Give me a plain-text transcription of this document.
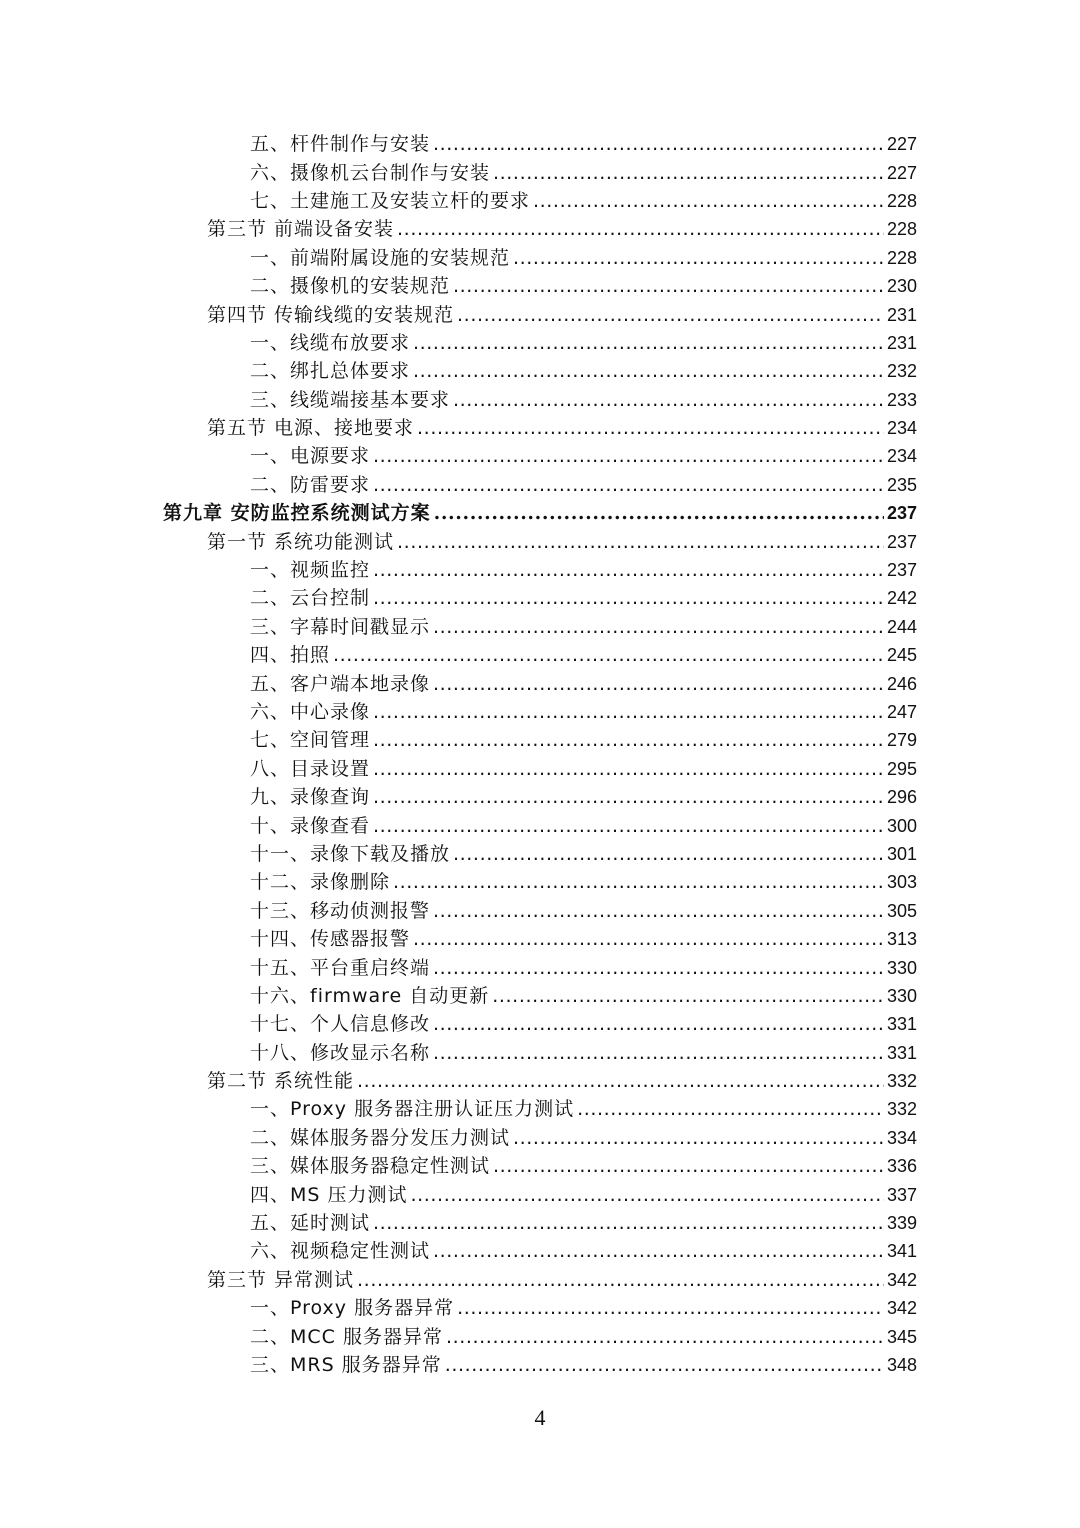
五、杆件制作与安装 .....	227
六、摄像机云台制作与安装 .....	227
七、土建施工及安装立杆的要求 .....	228
第三节 前端设备安装 .....	228
一、前端附属设施的安装规范 .....	228
二、摄像机的安装规范 .....	230
第四节 传输线缆的安装规范 .....	231
一、线缆布放要求 .....	231
二、绑扎总体要求 .....	232
三、线缆端接基本要求 .....	233
第五节 电源、接地要求 .....	234
一、电源要求 .....	234
二、防雷要求 .....	235
第九章 安防监控系统测试方案 .....	237
第一节 系统功能测试 .....	237
一、视频监控 .....	237
二、云台控制 .....	242
三、字幕时间戳显示 .....	244
四、拍照 .....	245
五、客户端本地录像 .....	246
六、中心录像 .....	247
七、空间管理 .....	279
八、目录设置 .....	295
九、录像查询 .....	296
十、录像查看 .....	300
十一、录像下载及播放 .....	301
十二、录像删除 .....	303
十三、移动侦测报警 .....	305
十四、传感器报警 .....	313
十五、平台重启终端 .....	330
十六、firmware 自动更新 .....	330
十七、个人信息修改 .....	331
十八、修改显示名称 .....	331
第二节 系统性能 .....	332
一、Proxy 服务器注册认证压力测试 .....	332
二、媒体服务器分发压力测试 .....	334
三、媒体服务器稳定性测试 .....	336
四、MS 压力测试 .....	337
五、延时测试 .....	339
六、视频稳定性测试 .....	341
第三节 异常测试 .....	342
一、Proxy 服务器异常 .....	342
二、MCC 服务器异常 .....	345
三、MRS 服务器异常 .....	348
4
